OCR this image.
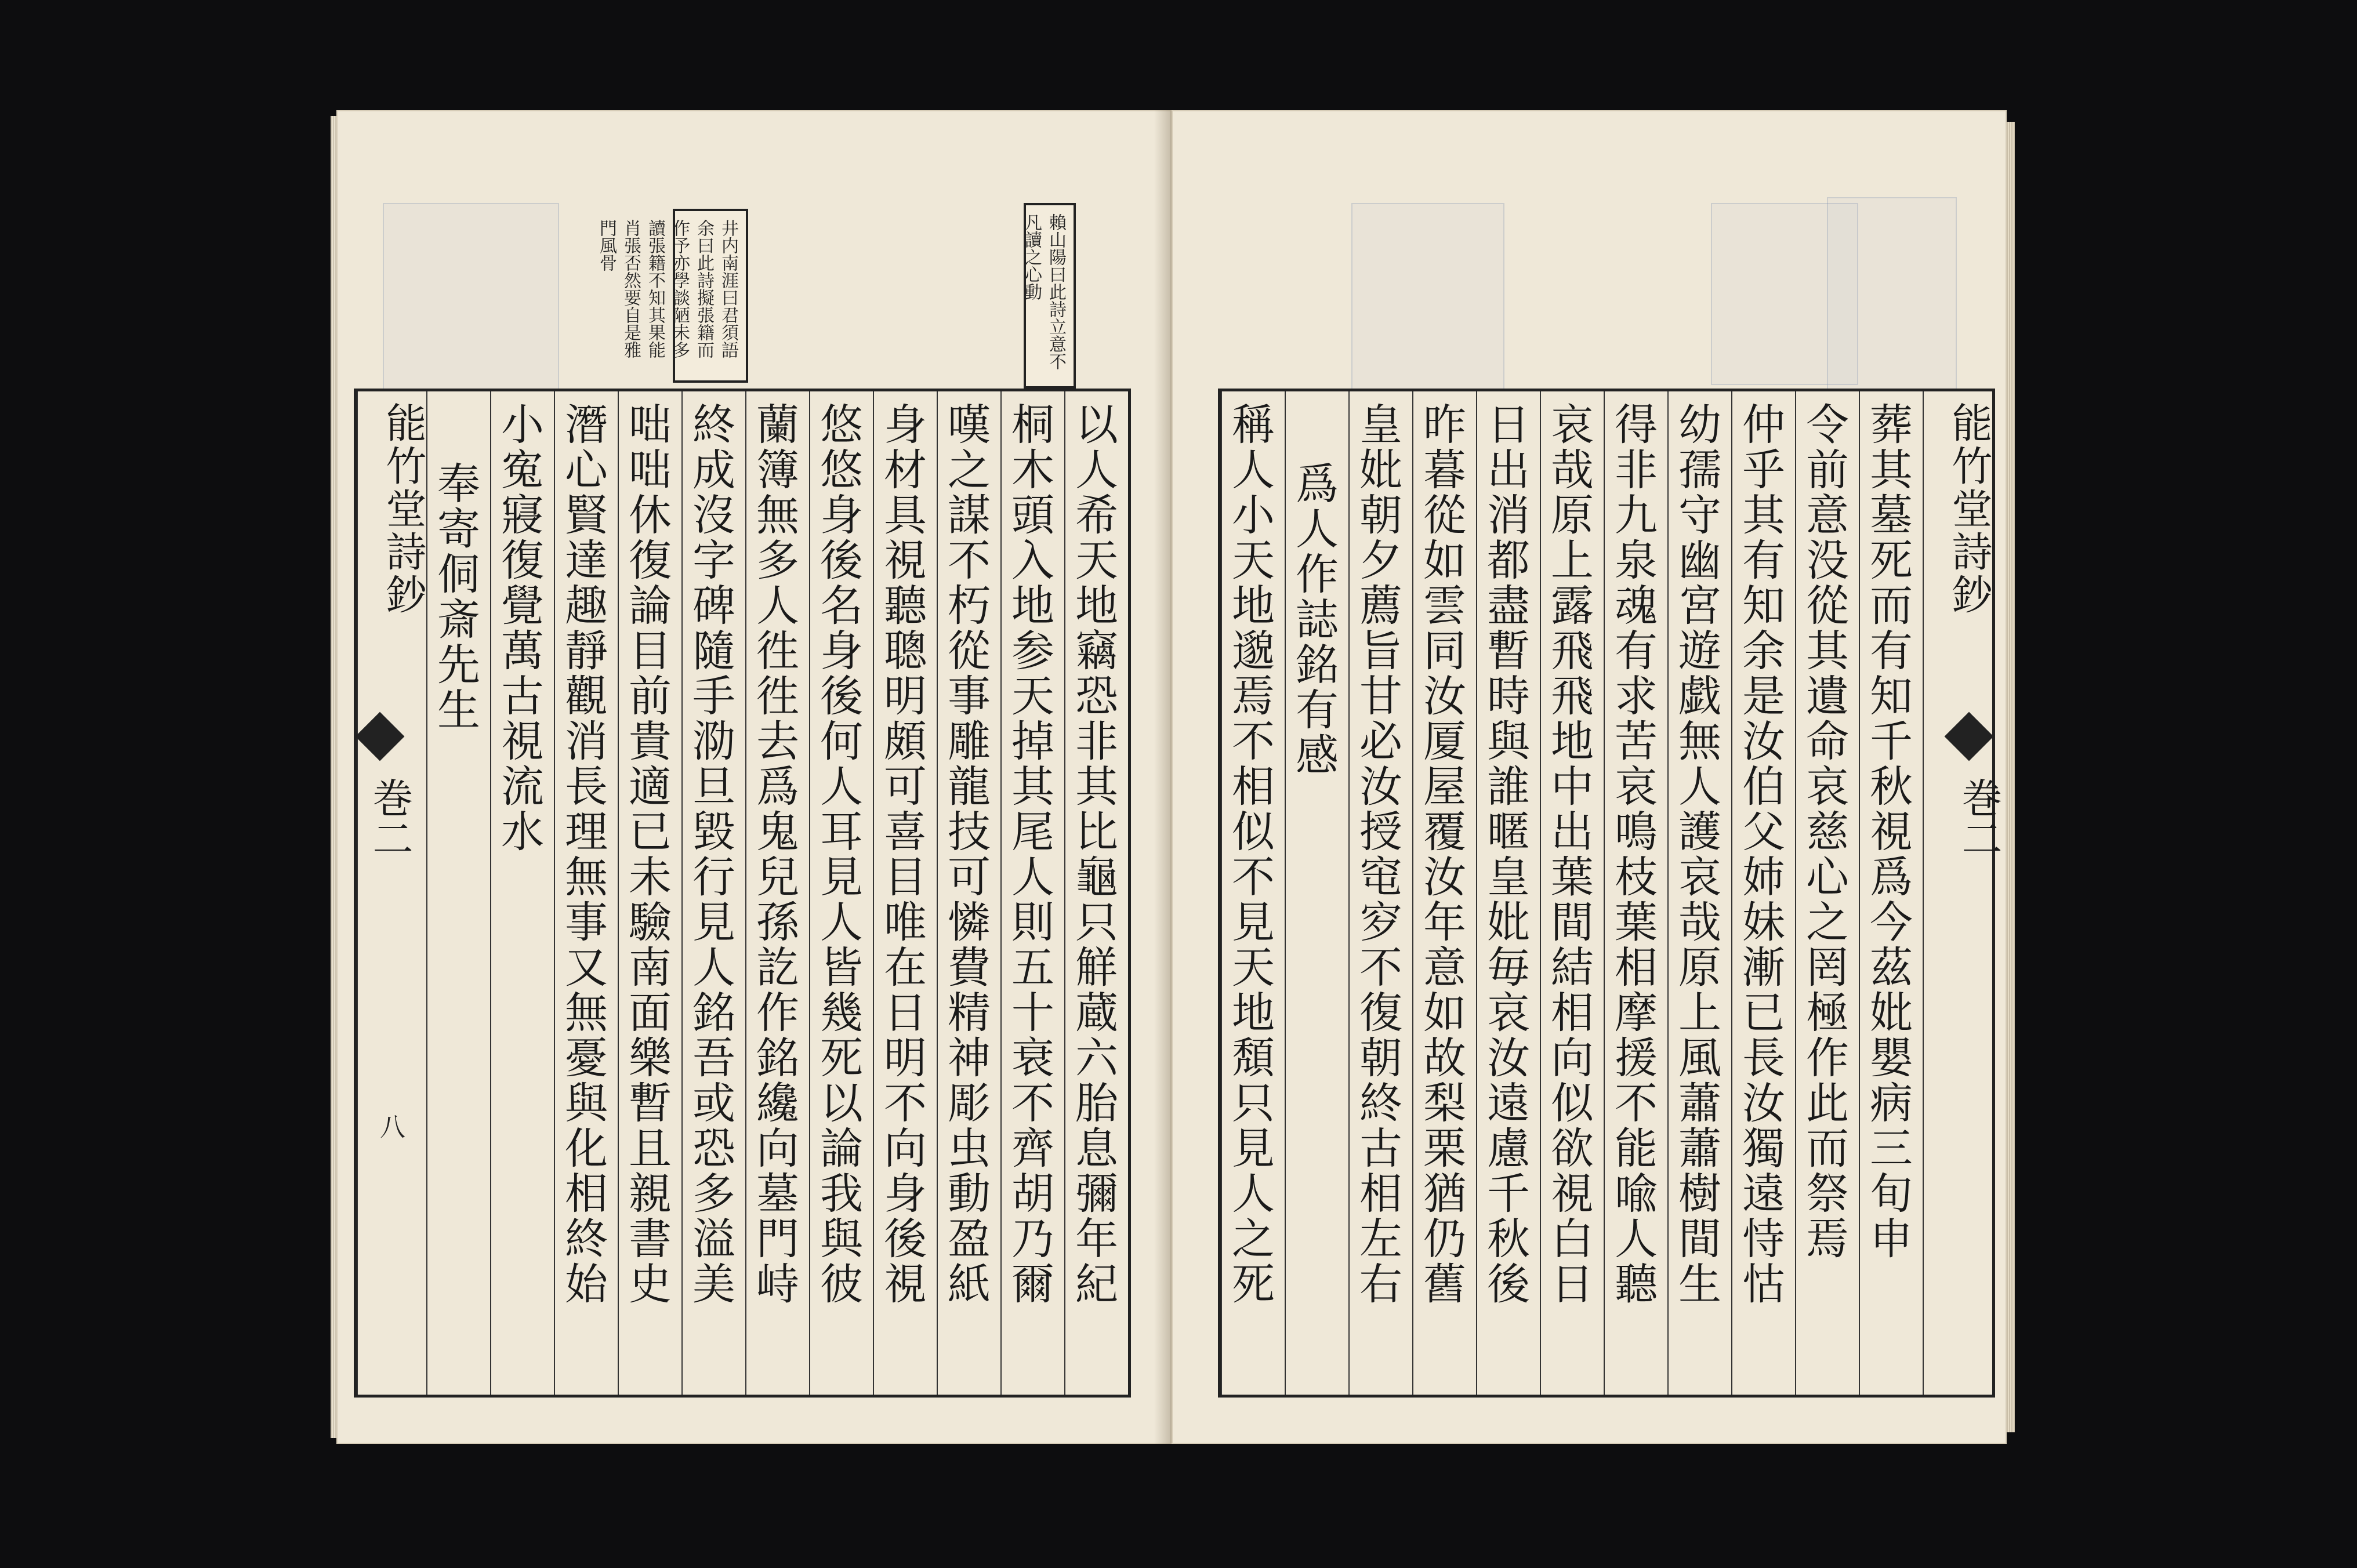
井内南涯曰君須語余曰此詩擬張籍而作予亦學談陋未多讀張籍不知其果能肖張否然要自是雅門風骨	賴山陽曰此詩立意不凡讀之心動
以人希天地竊恐非其比龜只觧蔵六胎息彌年紀
桐木頭入地参天掉其尾人則五十衰不齊胡乃爾
嘆之謀不朽從事雕龍技可憐費精神彫虫動盈紙
身材具視聽聰明頗可喜目唯在日明不向身後視
悠悠身後名身後何人耳見人皆幾死以論我與彼
蘭簿無多人徃徃去爲鬼兒孫訖作銘纔向墓門峙
終成沒字碑隨手泐旦毀行見人銘吾或恐多溢美
咄咄休復論目前貴適已未驗南面樂暫且親書史
潛心賢達趣靜觀消長理無事又無憂與化相終始
小寃寢復覺萬古視流水
奉寄侗斎先生
能竹堂詩鈔
巻二
八
能竹堂詩鈔
葬其墓死而有知千秋視爲今茲妣嬰病三旬申
令前意没從其遺命哀慈心之罔極作此而祭焉
仲乎其有知余是汝伯父姉妹漸已長汝獨遠恃怙
幼孺守幽宮遊戯無人護哀哉原上風蕭蕭樹間生
得非九泉魂有求苦哀鳴枝葉相摩援不能喩人聽
哀哉原上露飛飛地中出葉間結相向似欲視白日
日出消都盡暫時與誰暱皇妣毎哀汝遠慮千秋後
昨暮從如雲同汝厦屋覆汝年意如故梨栗猶仍舊
皇妣朝夕薦旨甘必汝授窀穸不復朝終古相左右
爲人作誌銘有感
稱人小天地邈焉不相似不見天地頽只見人之死	巻二
